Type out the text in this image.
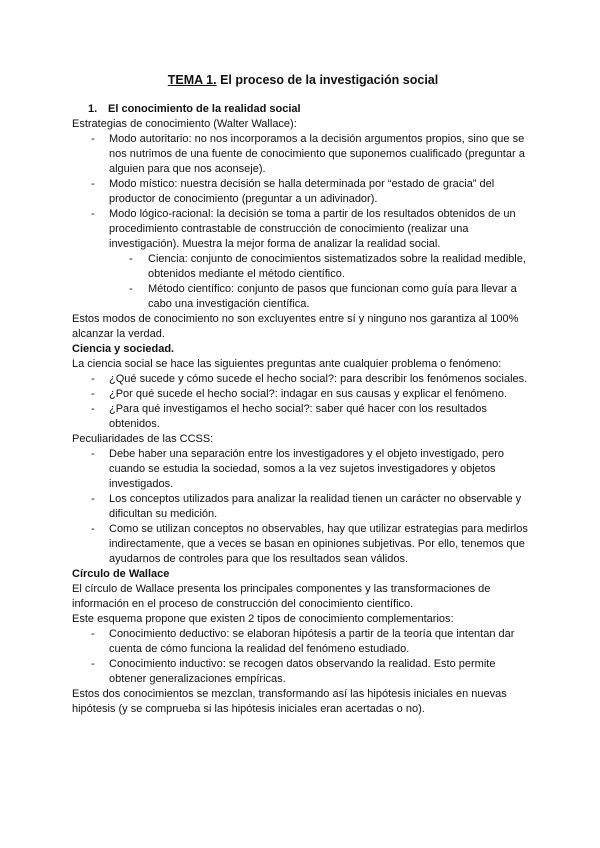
TEMA 1. El proceso de la investigación social
1. El conocimiento de la realidad social

Estrategias de conocimiento (Walter Wallace):

- Modo autoritario: no nos incorporamos a la decisión argumentos propios, sino que se nos nutrimos de una fuente de conocimiento que suponemos cualificado (preguntar a alguien para que nos aconseje).

- Modo místico: nuestra decisión se halla determinada por “estado de gracia” del productor de conocimiento (preguntar a un adivinador).

- Modo lógico-racional: la decisión se toma a partir de los resultados obtenidos de un procedimiento contrastable de construcción de conocimiento (realizar una investigación). Muestra la mejor forma de analizar la realidad social.

- Ciencia: conjunto de conocimientos sistematizados sobre la realidad medible, obtenidos mediante el método científico.

- Método científico: conjunto de pasos que funcionan como guía para llevar a cabo una investigación científica.

Estos modos de conocimiento no son excluyentes entre sí y ninguno nos garantiza al 100% alcanzar la verdad.

Ciencia y sociedad.

La ciencia social se hace las siguientes preguntas ante cualquier problema o fenómeno:

- ¿Qué sucede y cómo sucede el hecho social?: para describir los fenómenos sociales.

- ¿Por qué sucede el hecho social?: indagar en sus causas y explicar el fenómeno.

- ¿Para qué investigamos el hecho social?: saber qué hacer con los resultados obtenidos.

Peculiaridades de las CCSS:

- Debe haber una separación entre los investigadores y el objeto investigado, pero cuando se estudia la sociedad, somos a la vez sujetos investigadores y objetos investigados.

- Los conceptos utilizados para analizar la realidad tienen un carácter no observable y dificultan su medición.

- Como se utilizan conceptos no observables, hay que utilizar estrategias para medirlos indirectamente, que a veces se basan en opiniones subjetivas. Por ello, tenemos que ayudarnos de controles para que los resultados sean válidos.

Círculo de Wallace

El círculo de Wallace presenta los principales componentes y las transformaciones de información en el proceso de construcción del conocimiento científico.

Este esquema propone que existen 2 tipos de conocimiento complementarios:

- Conocimiento deductivo: se elaboran hipótesis a partir de la teoría que intentan dar cuenta de cómo funciona la realidad del fenómeno estudiado.

- Conocimiento inductivo: se recogen datos observando la realidad. Esto permite obtener generalizaciones empíricas.

Estos dos conocimientos se mezclan, transformando así las hipótesis iniciales en nuevas hipótesis (y se comprueba si las hipótesis iniciales eran acertadas o no).
